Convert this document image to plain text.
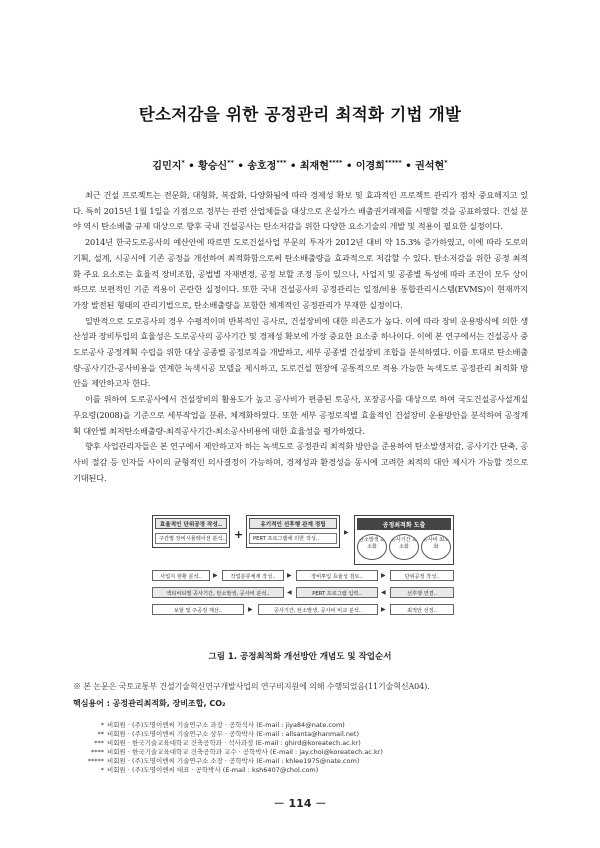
탄소저감을 위한 공정관리 최적화 기법 개발
김민지* • 황승신** • 송호정*** • 최재현**** • 이경희***** • 권석현*

최근 건설 프로젝트는 전문화, 대형화, 복잡화, 다양화됨에 따라 경제성 확보 및 효과적인 프로젝트 관리가 점차 중요해지고 있다. 특히 2015년 1월 1일을 기점으로 정부는 관련 산업체들을 대상으로 온실가스 배출권거래제를 시행할 것을 공표하였다. 건설 분야 역시 탄소배출 규제 대상으로 향후 국내 건설공사는 탄소저감을 위한 다양한 요소기술의 개발 및 적용이 필요한 실정이다.

2014년 한국도로공사의 예산안에 따르면 도로건설사업 부문의 투자가 2012년 대비 약 15.3% 증가하였고, 이에 따라 도로의 기획, 설계, 시공시에 기존 공정을 개선하여 최적화함으로써 탄소배출량을 효과적으로 저감할 수 있다. 탄소저감을 위한 공정 최적화 주요 요소로는 효율적 장비조합, 공법별 자재변경, 공정 보할 조정 등이 있으나, 사업지 및 공종별 특성에 따라 조건이 모두 상이하므로 보편적인 기준 적용이 곤란한 실정이다. 또한 국내 건설공사의 공정관리는 일정/비용 통합관리시스템(EVMS)이 현재까지 가장 발전된 형태의 관리기법으로, 탄소배출량을 포함한 체계적인 공정관리가 부재한 실정이다.

일반적으로 도로공사의 경우 수평적이며 반복적인 공사로, 건설장비에 대한 의존도가 높다. 이에 따라 장비 운용방식에 의한 생산성과 장비투입의 효율성은 도로공사의 공사기간 및 경제성 확보에 가장 중요한 요소중 하나이다. 이에 본 연구에서는 건설공사 중 도로공사 공정계획 수립을 위한 대상 공종별 공정로직을 개발하고, 세부 공종별 건설장비 조합을 분석하였다. 이를 토대로 탄소배출량-공사기간-공사비용을 연계한 녹색시공 모델을 제시하고, 도로건설 현장에 공통적으로 적용 가능한 녹색도로 공정관리 최적화 방안을 제안하고자 한다.

이를 위하여 도로공사에서 건설장비의 활용도가 높고 공사비가 편중된 토공사, 포장공사를 대상으로 하여 국도건설공사설계실무요령(2008)을 기준으로 세부작업을 분류, 체계화하였다. 또한 세부 공정로직별 효율적인 건설장비 운용방안을 분석하여 공정계획 대안별 최저탄소배출량-최적공사기간-최소공사비용에 대한 효율성을 평가하였다.

향후 사업관리자들은 본 연구에서 제안하고자 하는 녹색도로 공정관리 최적화 방안을 준용하여 탄소발생저감, 공사기간 단축, 공사비 절감 등 인자들 사이의 균형적인 의사결정이 가능하며, 경제성과 환경성을 동시에 고려한 최적의 대안 제시가 가능할 것으로 기대된다.

효율적인 단위공정 작성..
구간별 장비시뮬레이션 분석.. +
유기적인 선후행 관계 정립
PERT 프로그램에 의한 작성..
▶
공정최적화 도출
탄소발생 최소화
공사기간 최소화
공사비 최소화
사업지 현황 분석..	▶	작업분류체계 작성..	▶	장비투입 효율성 검토..	▶	단위공정 작성..
액티비티별 공사기간, 탄소발생, 공사비 분석..	◀	PERT 프로그램 입력..	◀	선후행 연결..
보할 및 주공정 계산..	▶	공사기간, 탄소발생, 공사비 비교 분석..	▶	최적안 선정..
그림 1. 공정최적화 개선방안 개념도 및 작업순서
※ 본 논문은 국토교통부 건설기술혁신연구개발사업의 연구비지원에 의해 수행되었음(11기술혁신A04).
핵심용어 : 공정관리최적화, 장비조합, CO₂
* 비회원 · (주)도명이엔씨 기술연구소 과장 · 공학석사 (E-mail : jiya84@nate.com)
** 비회원 · (주)도명이엔씨 기술연구소 상무 · 공학박사 (E-mail : allsanta@hanmail.net)
*** 비회원 · 한국기술교육대학교 건축공학과 · 석사과정 (E-mail : ghird@koreatech.ac.kr)
**** 비회원 · 한국기술교육대학교 건축공학과 교수 · 공학박사 (E-mail : jay.choi@koreatech.ac.kr)
***** 비회원 · (주)도명이엔씨 기술연구소 소장 · 공학박사 (E-mail : khlee1975@nate.com)
* 비회원 · (주)도명이엔씨 대표 · 공학박사 (E-mail : ksh6407@chol.com)
－ 114 －
